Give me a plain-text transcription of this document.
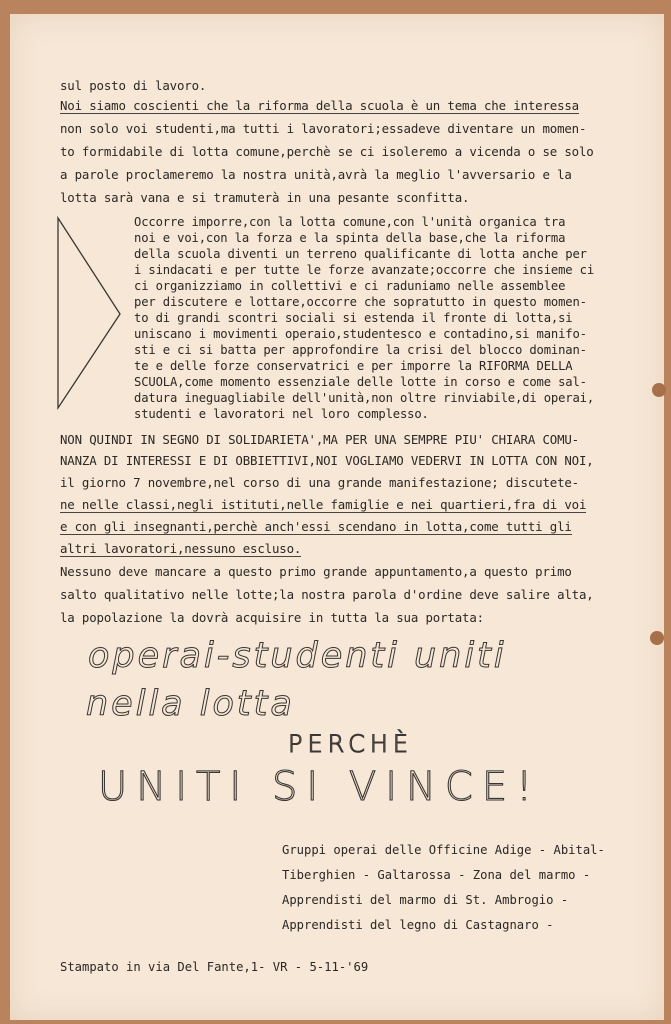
sul posto di lavoro.
Noi siamo coscienti che la riforma della scuola è un tema che interessa
non solo voi studenti,ma tutti i lavoratori;essadeve diventare un momen-
to formidabile di lotta comune,perchè se ci isoleremo a vicenda o se solo
a parole proclameremo la nostra unità,avrà la meglio l'avversario e la
lotta sarà vana e si tramuterà in una pesante sconfitta.
Occorre imporre,con la lotta comune,con l'unità organica tra
noi e voi,con la forza e la spinta della base,che la riforma
della scuola diventi un terreno qualificante di lotta anche per
i sindacati e per tutte le forze avanzate;occorre che insieme ci
ci organizziamo in collettivi e ci raduniamo nelle assemblee
per discutere e lottare,occorre che sopratutto in questo momen-
to di grandi scontri sociali si estenda il fronte di lotta,si
uniscano i movimenti operaio,studentesco e contadino,si manifo-
sti e ci si batta per approfondire la crisi del blocco dominan-
te e delle forze conservatrici e per imporre la RIFORMA DELLA
SCUOLA,come momento essenziale delle lotte in corso e come sal-
datura ineguagliabile dell'unità,non oltre rinviabile,di operai,
studenti e lavoratori nel loro complesso.
NON QUINDI IN SEGNO DI SOLIDARIETA',MA PER UNA SEMPRE PIU' CHIARA COMU-
NANZA DI INTERESSI E DI OBBIETTIVI,NOI VOGLIAMO VEDERVI IN LOTTA CON NOI,
il giorno 7 novembre,nel corso di una grande manifestazione; discutete-
ne nelle classi,negli istituti,nelle famiglie e nei quartieri,fra di voi
e con gli insegnanti,perchè anch'essi scendano in lotta,come tutti gli
altri lavoratori,nessuno escluso.
Nessuno deve mancare a questo primo grande appuntamento,a questo primo
salto qualitativo nelle lotte;la nostra parola d'ordine deve salire alta,
la popolazione la dovrà acquisire in tutta la sua portata:
operai-studenti uniti
nella lotta
PERCHÈ
UNITI SI VINCE!
Gruppi operai delle Officine Adige - Abital-
Tiberghien - Galtarossa - Zona del marmo -
Apprendisti del marmo di St. Ambrogio -
Apprendisti del legno di Castagnaro -
Stampato in via Del Fante,1- VR - 5-11-'69
